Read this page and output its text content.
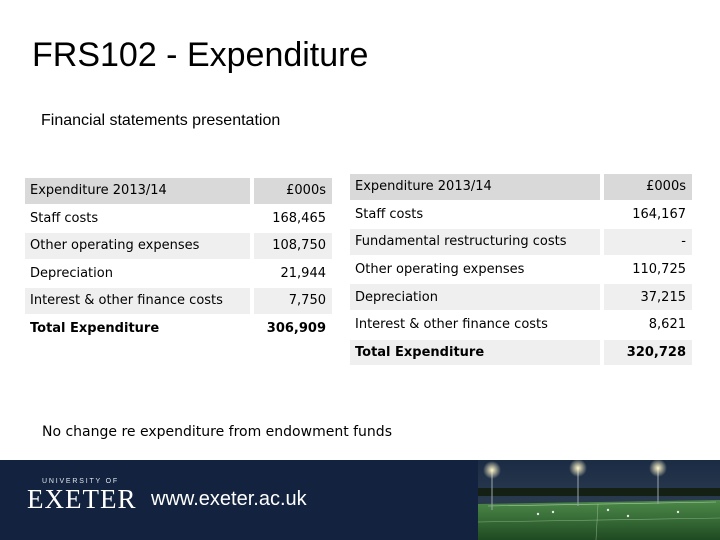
FRS102 - Expenditure
Financial statements presentation
Expenditure 2013/14		£000s
Staff costs		168,465
Other operating expenses		108,750
Depreciation		21,944
Interest & other finance costs		7,750
Total Expenditure		306,909
Expenditure 2013/14		£000s
Staff costs		164,167
Fundamental restructuring costs		-
Other operating expenses		110,725
Depreciation		37,215
Interest & other finance costs		8,621
Total Expenditure		320,728
No change re expenditure from endowment funds
UNIVERSITY OF
EXETER www.exeter.ac.uk
